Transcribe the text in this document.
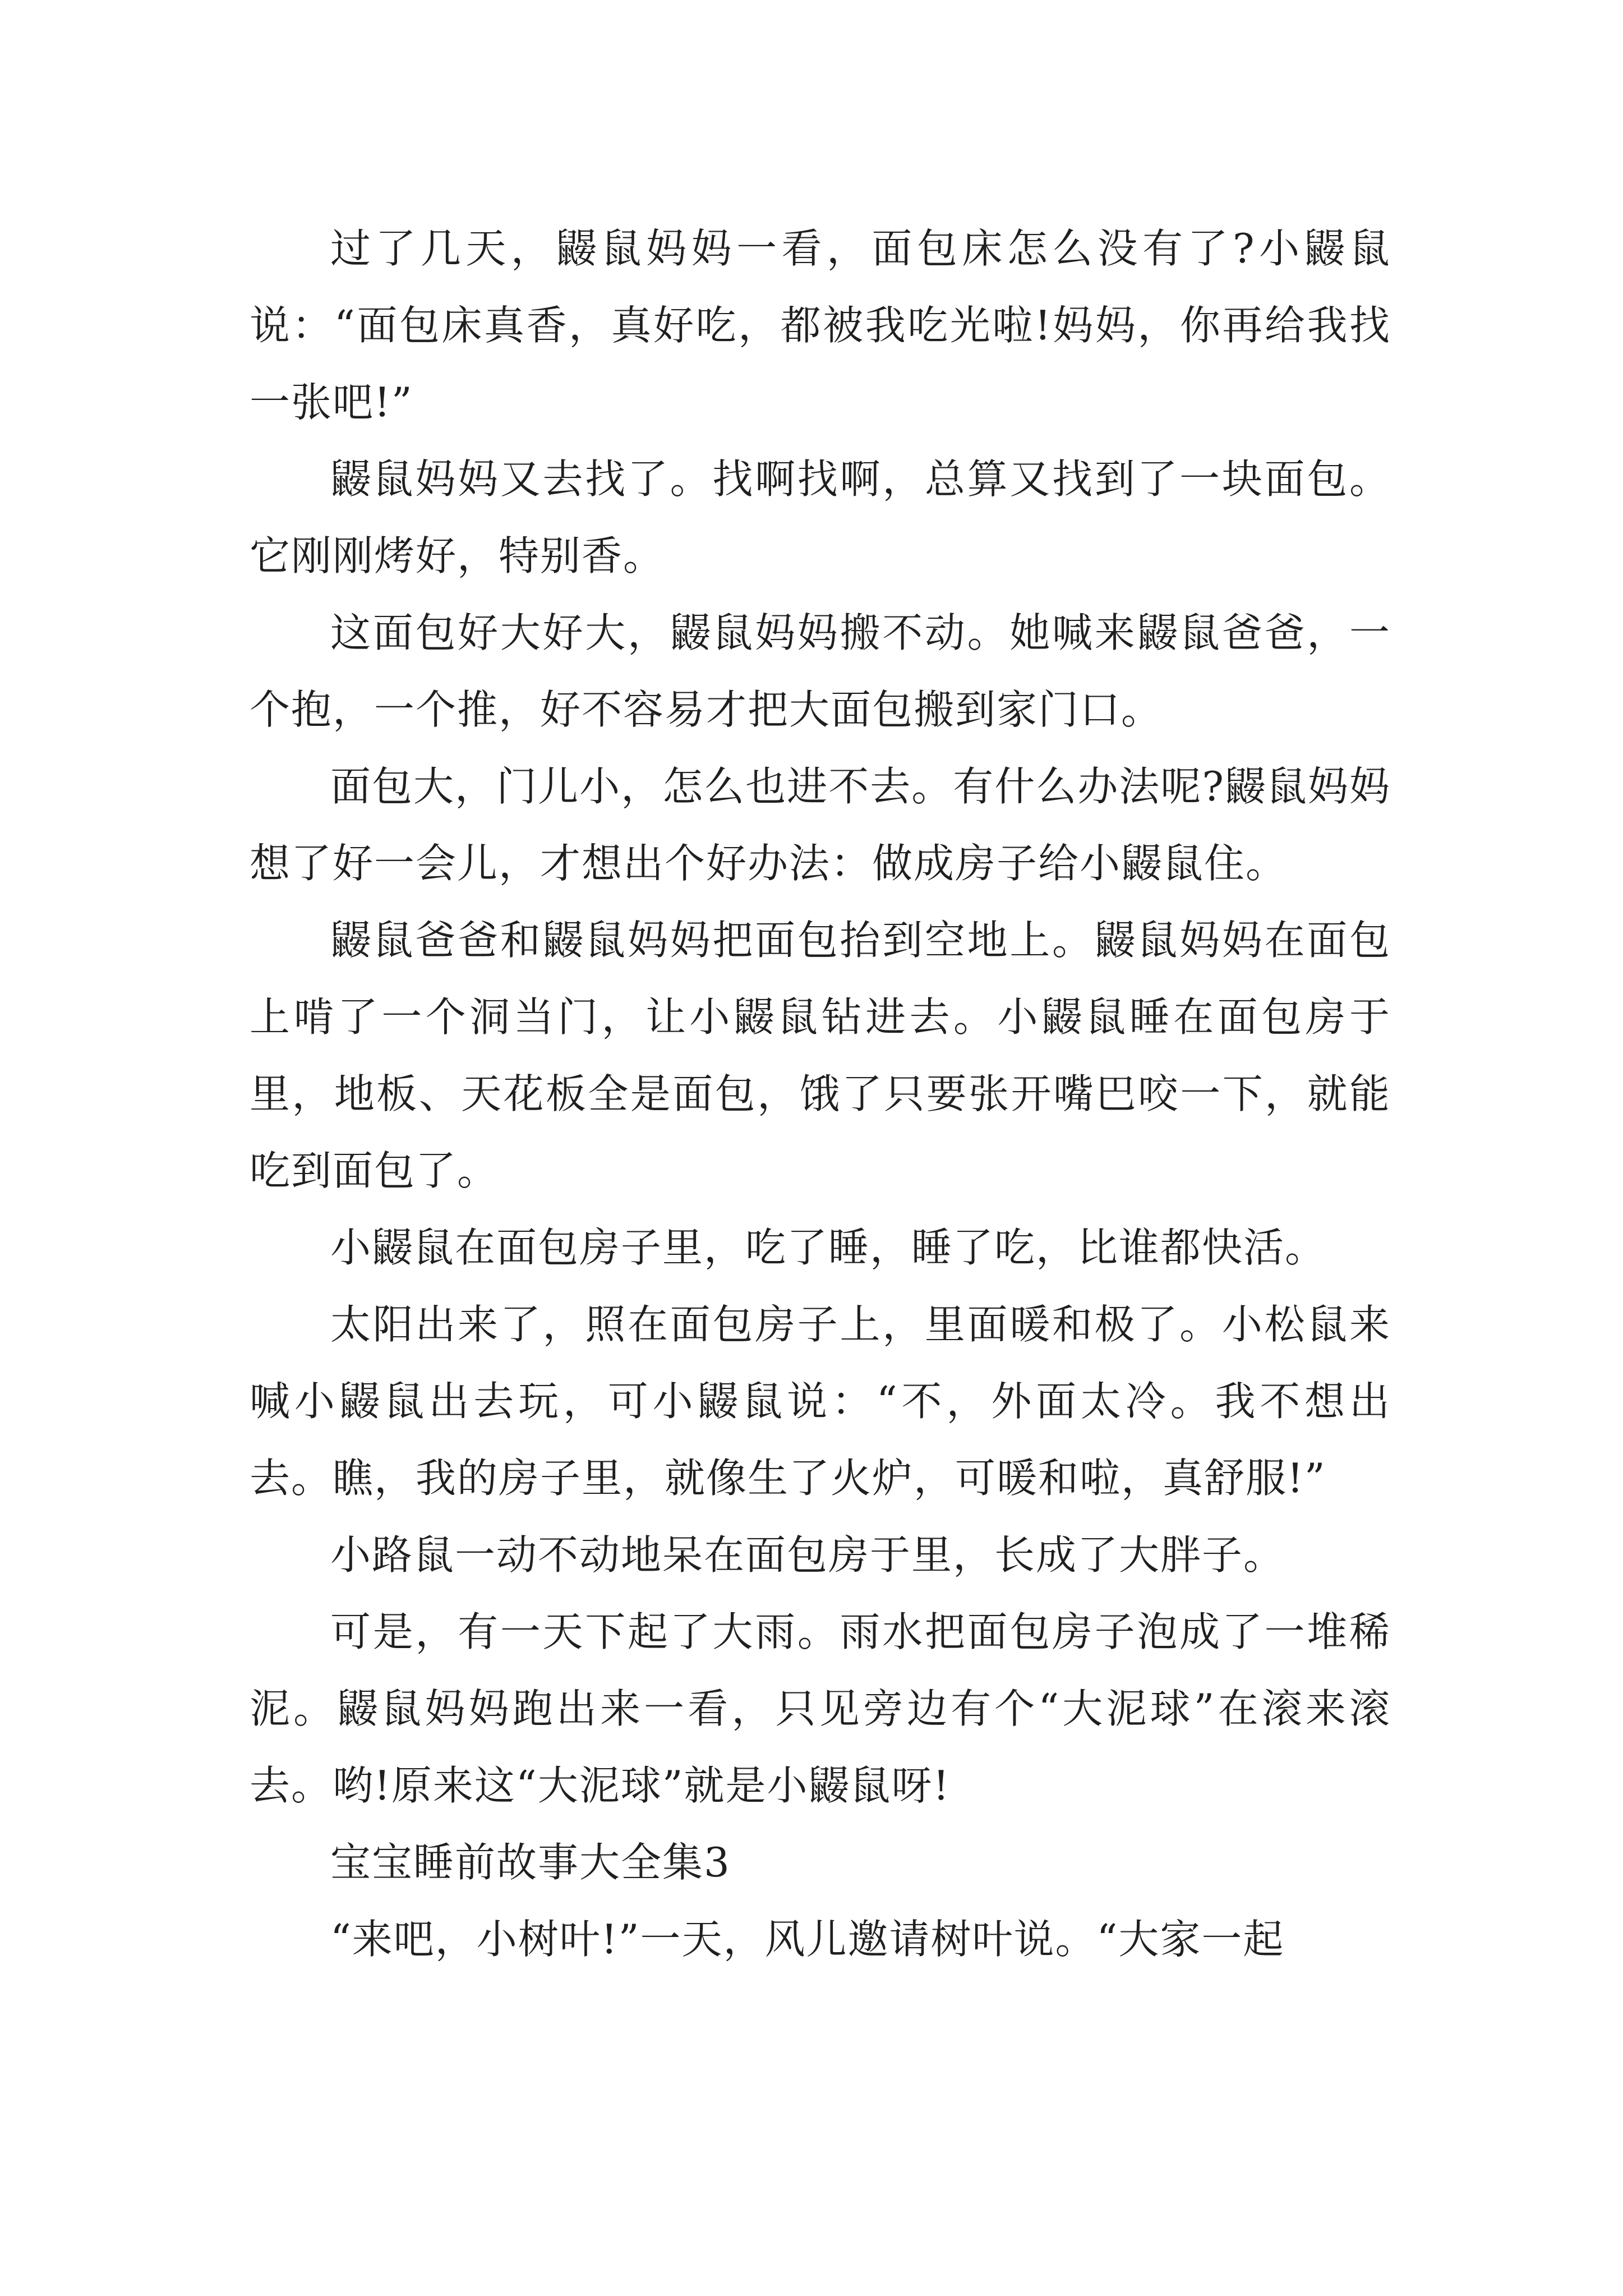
过了几天，鼹鼠妈妈一看，面包床怎么没有了?小鼹鼠说：“面包床真香，真好吃，都被我吃光啦!妈妈，你再给我找一张吧!”

鼹鼠妈妈又去找了。找啊找啊，总算又找到了一块面包。它刚刚烤好，特别香。

这面包好大好大，鼹鼠妈妈搬不动。她喊来鼹鼠爸爸，一个抱，一个推，好不容易才把大面包搬到家门口。

面包大，门儿小，怎么也进不去。有什么办法呢?鼹鼠妈妈想了好一会儿，才想出个好办法：做成房子给小鼹鼠住。

鼹鼠爸爸和鼹鼠妈妈把面包抬到空地上。鼹鼠妈妈在面包上啃了一个洞当门，让小鼹鼠钻进去。小鼹鼠睡在面包房于里，地板、天花板全是面包，饿了只要张开嘴巴咬一下，就能吃到面包了。

小鼹鼠在面包房子里，吃了睡，睡了吃，比谁都快活。

太阳出来了，照在面包房子上，里面暖和极了。小松鼠来喊小鼹鼠出去玩，可小鼹鼠说：“不，外面太冷。我不想出去。瞧，我的房子里，就像生了火炉，可暖和啦，真舒服!”

小路鼠一动不动地呆在面包房于里，长成了大胖子。

可是，有一天下起了大雨。雨水把面包房子泡成了一堆稀泥。鼹鼠妈妈跑出来一看，只见旁边有个“大泥球”在滚来滚去。哟!原来这“大泥球”就是小鼹鼠呀!

宝宝睡前故事大全集3

“来吧，小树叶!”一天，风儿邀请树叶说。“大家一起
